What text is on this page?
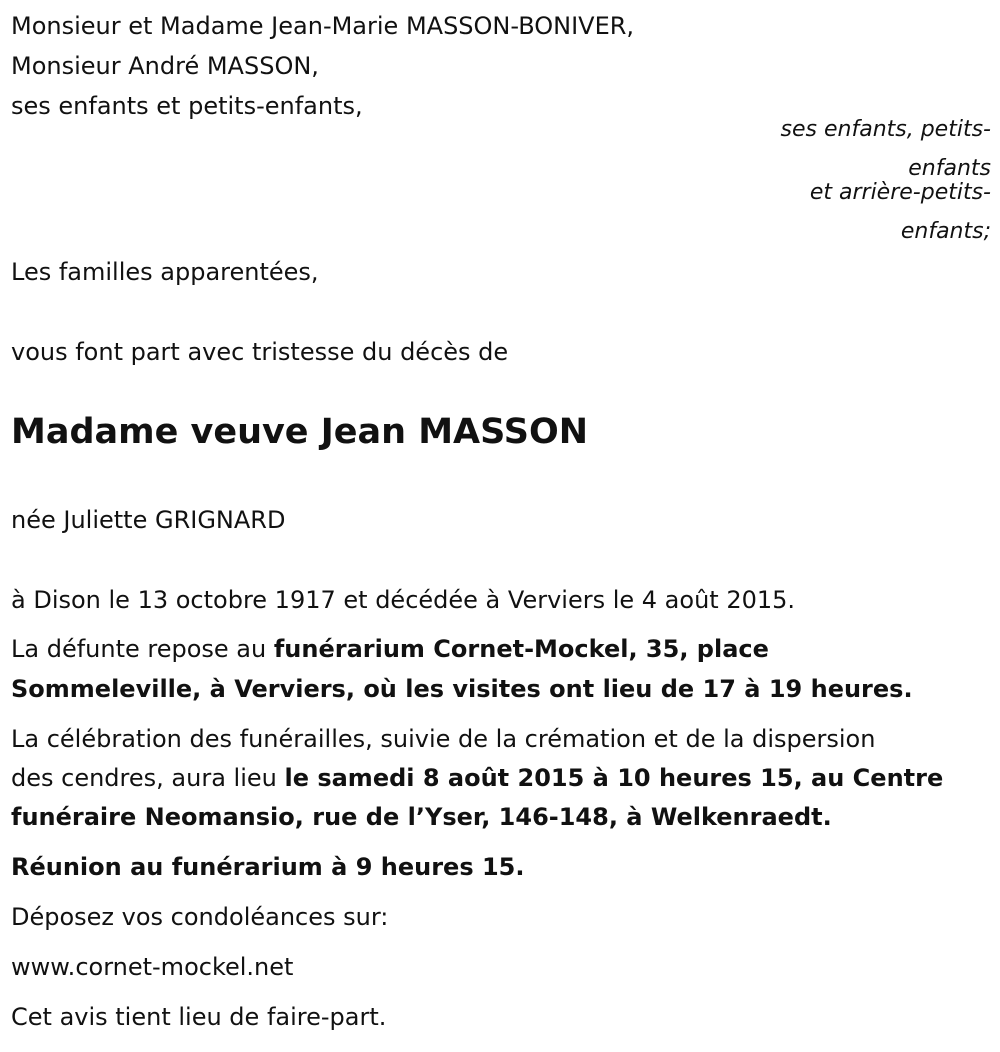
Monsieur et Madame Jean-Marie MASSON-BONIVER,
Monsieur André MASSON,
ses enfants et petits-enfants,
ses enfants, petits-
enfants
et arrière-petits-
enfants;
Les familles apparentées,
vous font part avec tristesse du décès de
Madame veuve Jean MASSON
née Juliette GRIGNARD
à Dison le 13 octobre 1917 et décédée à Verviers le 4 août 2015.
La défunte repose au funérarium Cornet-Mockel, 35, place
Sommeleville, à Verviers, où les visites ont lieu de 17 à 19 heures.
La célébration des funérailles, suivie de la crémation et de la dispersion
des cendres, aura lieu le samedi 8 août 2015 à 10 heures 15, au Centre
funéraire Neomansio, rue de l’Yser, 146-148, à Welkenraedt.
Réunion au funérarium à 9 heures 15.
Déposez vos condoléances sur:
www.cornet-mockel.net
Cet avis tient lieu de faire-part.
